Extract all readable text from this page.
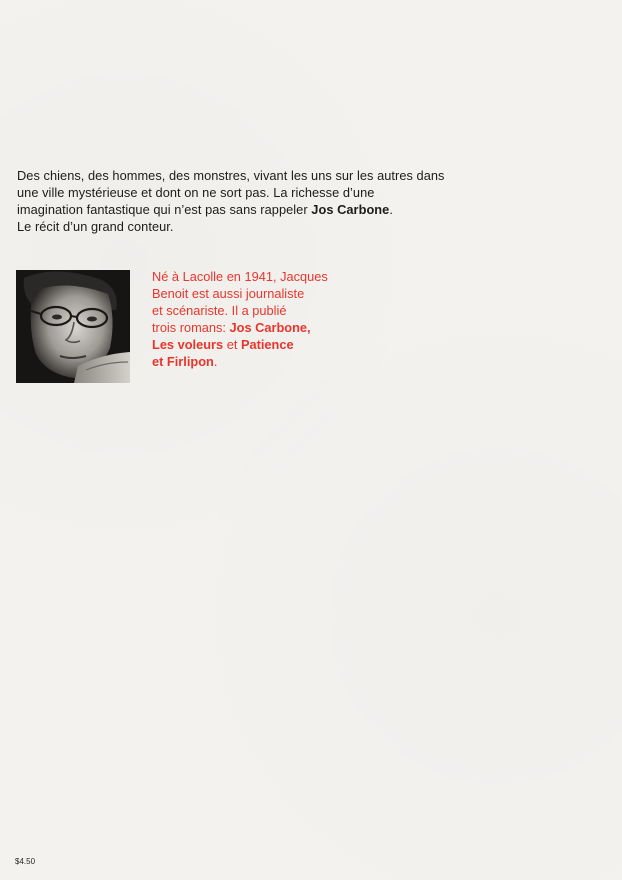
Des chiens, des hommes, des monstres, vivant les uns sur les autres dans
une ville mystérieuse et dont on ne sort pas. La richesse d’une
imagination fantastique qui n’est pas sans rappeler Jos Carbone.
Le récit d’un grand conteur.

Né à Lacolle en 1941, Jacques
Benoit est aussi journaliste
et scénariste. Il a publié
trois romans: Jos Carbone,
Les voleurs et Patience
et Firlipon.

$4.50
